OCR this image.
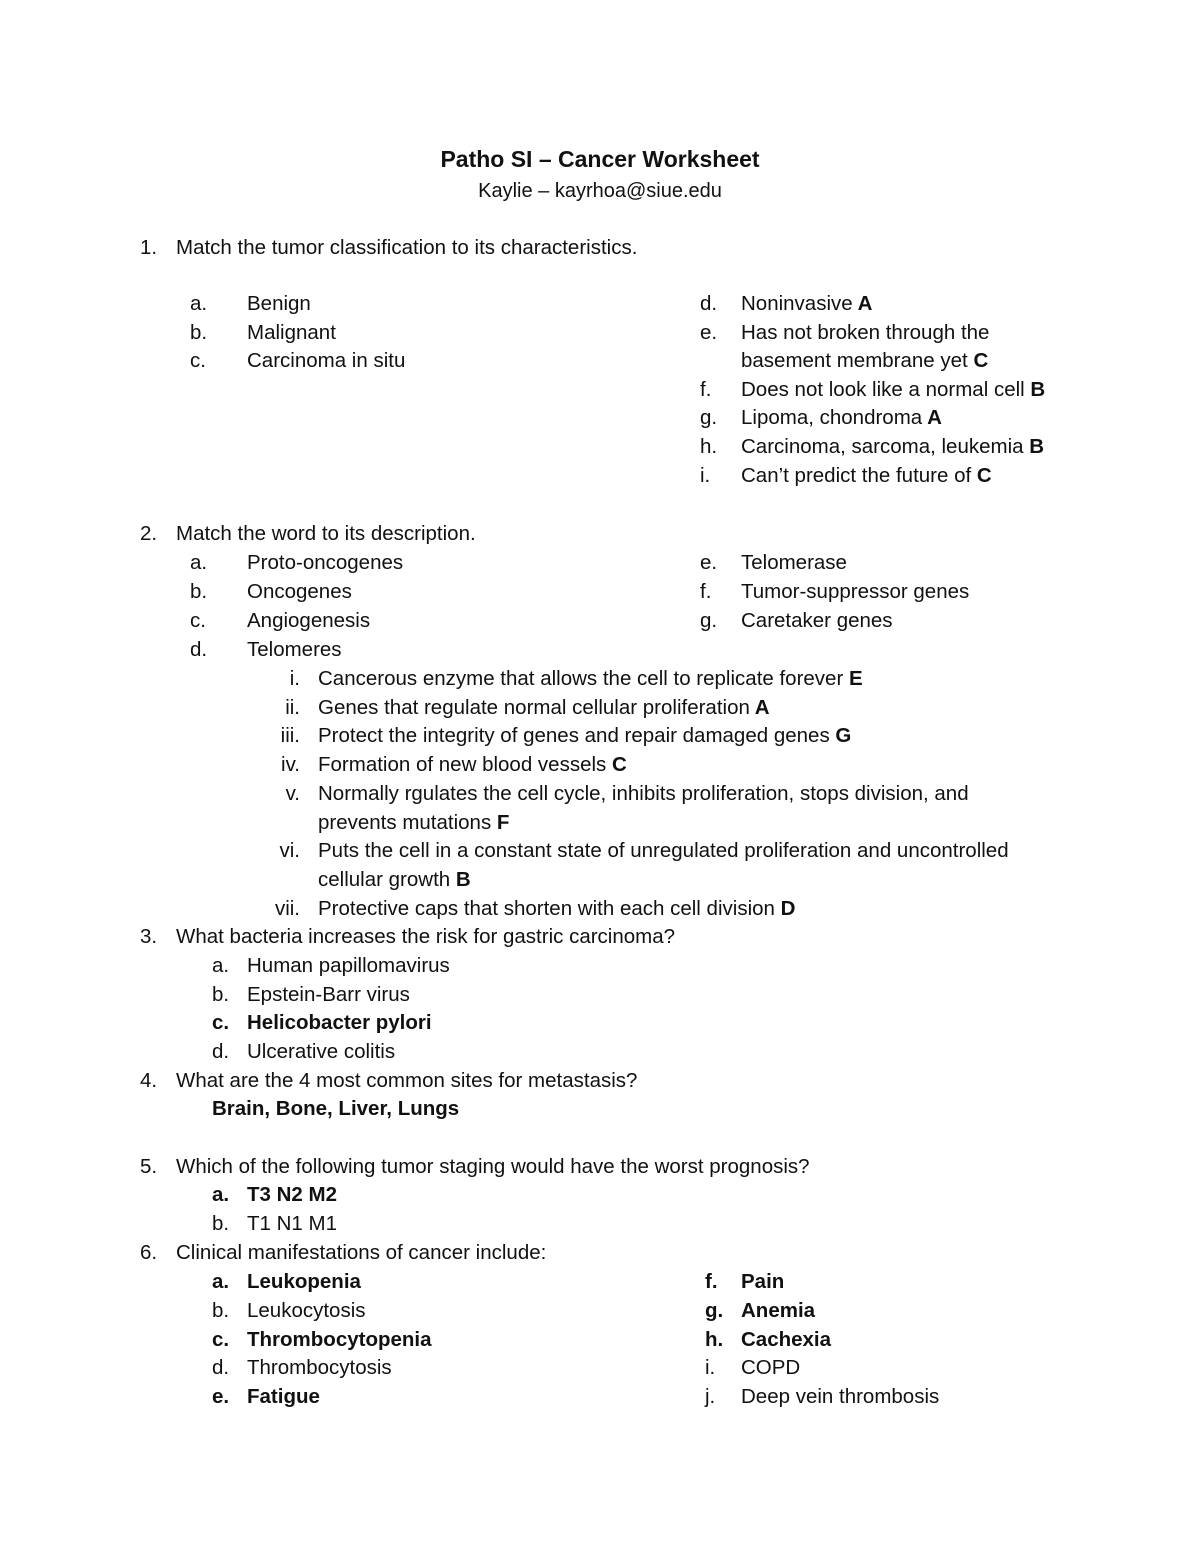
Patho SI – Cancer Worksheet
Kaylie – kayrhoa@siue.edu
1. Match the tumor classification to its characteristics.
a. Benign
b. Malignant
c. Carcinoma in situ
d. Noninvasive A
e. Has not broken through the
basement membrane yet C
f. Does not look like a normal cell B
g. Lipoma, chondroma A
h. Carcinoma, sarcoma, leukemia B
i. Can’t predict the future of C
2. Match the word to its description.
a. Proto-oncogenes
b. Oncogenes
c. Angiogenesis
d. Telomeres
e. Telomerase
f. Tumor-suppressor genes
g. Caretaker genes
i. Cancerous enzyme that allows the cell to replicate forever E
ii. Genes that regulate normal cellular proliferation A
iii. Protect the integrity of genes and repair damaged genes G
iv. Formation of new blood vessels C
v. Normally rgulates the cell cycle, inhibits proliferation, stops division, and
prevents mutations F
vi. Puts the cell in a constant state of unregulated proliferation and uncontrolled
cellular growth B
vii. Protective caps that shorten with each cell division D
3. What bacteria increases the risk for gastric carcinoma?
a. Human papillomavirus
b. Epstein-Barr virus
c. Helicobacter pylori
d. Ulcerative colitis
4. What are the 4 most common sites for metastasis?
Brain, Bone, Liver, Lungs
5. Which of the following tumor staging would have the worst prognosis?
a. T3 N2 M2
b. T1 N1 M1
6. Clinical manifestations of cancer include:
a. Leukopenia
b. Leukocytosis
c. Thrombocytopenia
d. Thrombocytosis
e. Fatigue
f. Pain
g. Anemia
h. Cachexia
i. COPD
j. Deep vein thrombosis
